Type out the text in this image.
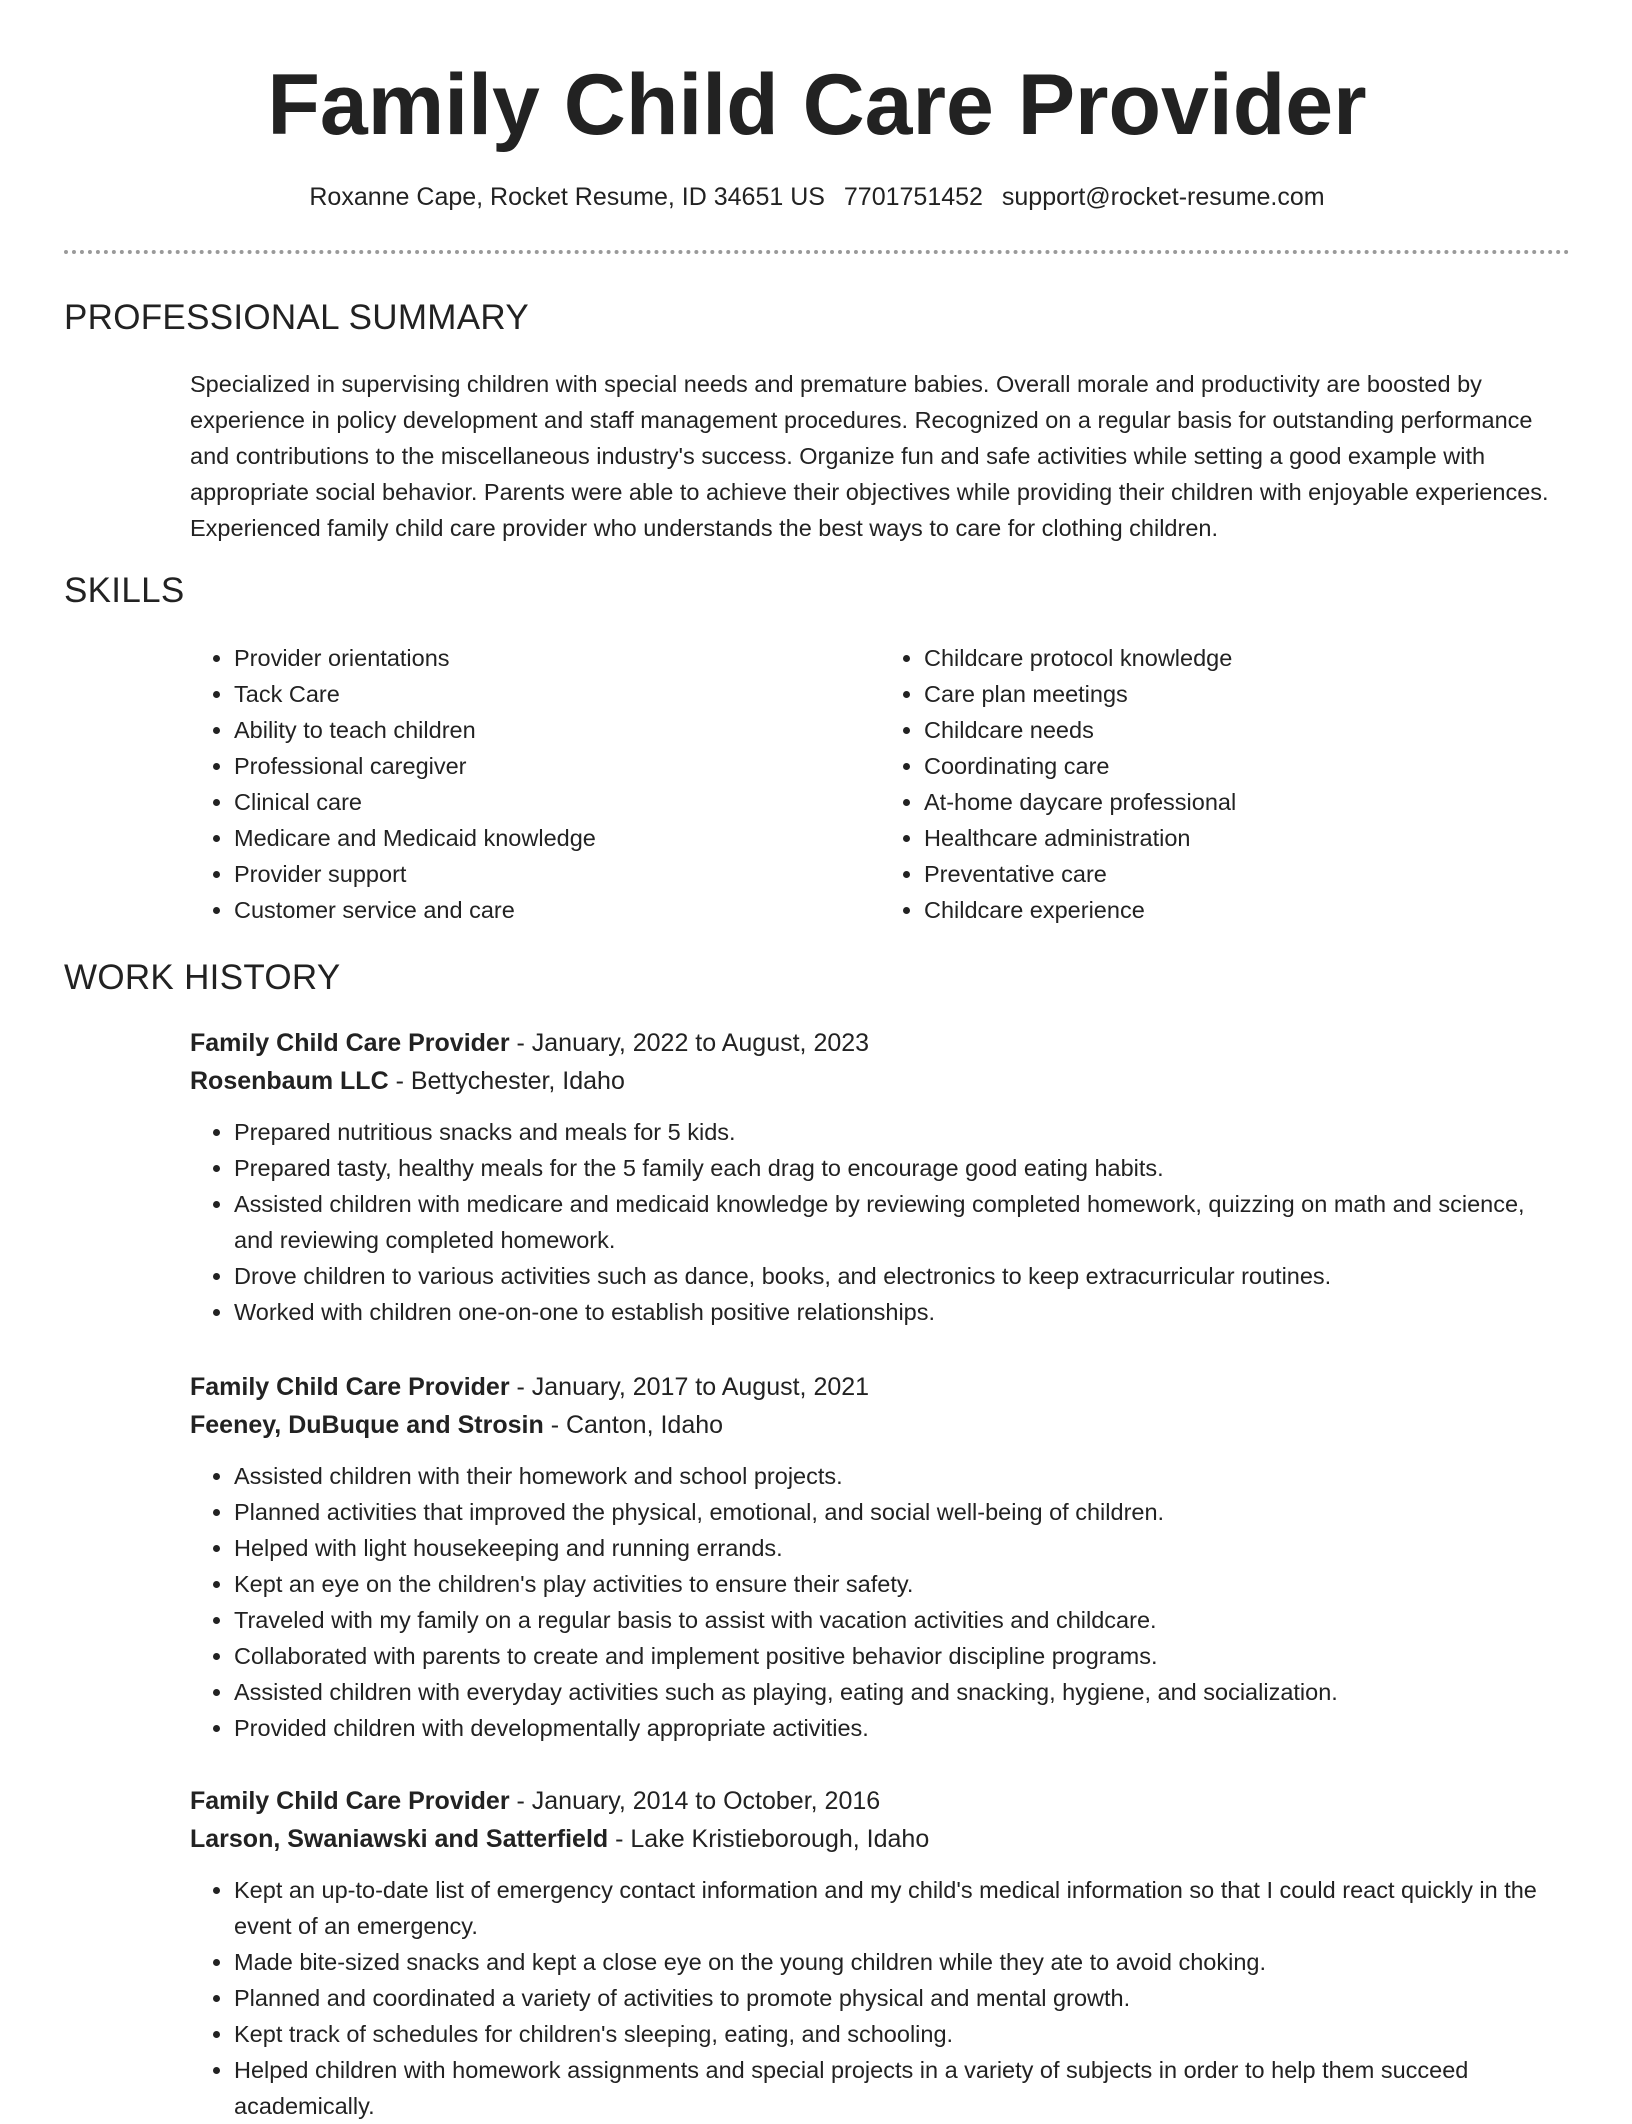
Family Child Care Provider
Roxanne Cape, Rocket Resume, ID 34651 US 7701751452 support@rocket-resume.com
PROFESSIONAL SUMMARY
Specialized in supervising children with special needs and premature babies. Overall morale and productivity are boosted by experience in policy development and staff management procedures. Recognized on a regular basis for outstanding performance and contributions to the miscellaneous industry's success. Organize fun and safe activities while setting a good example with appropriate social behavior. Parents were able to achieve their objectives while providing their children with enjoyable experiences. Experienced family child care provider who understands the best ways to care for clothing children.
SKILLS
• Provider orientations
• Tack Care
• Ability to teach children
• Professional caregiver
• Clinical care
• Medicare and Medicaid knowledge
• Provider support
• Customer service and care
• Childcare protocol knowledge
• Care plan meetings
• Childcare needs
• Coordinating care
• At-home daycare professional
• Healthcare administration
• Preventative care
• Childcare experience
WORK HISTORY
Family Child Care Provider - January, 2022 to August, 2023
Rosenbaum LLC - Bettychester, Idaho
• Prepared nutritious snacks and meals for 5 kids.
• Prepared tasty, healthy meals for the 5 family each drag to encourage good eating habits.
• Assisted children with medicare and medicaid knowledge by reviewing completed homework, quizzing on math and science, and reviewing completed homework.
• Drove children to various activities such as dance, books, and electronics to keep extracurricular routines.
• Worked with children one-on-one to establish positive relationships.
Family Child Care Provider - January, 2017 to August, 2021
Feeney, DuBuque and Strosin - Canton, Idaho
• Assisted children with their homework and school projects.
• Planned activities that improved the physical, emotional, and social well-being of children.
• Helped with light housekeeping and running errands.
• Kept an eye on the children's play activities to ensure their safety.
• Traveled with my family on a regular basis to assist with vacation activities and childcare.
• Collaborated with parents to create and implement positive behavior discipline programs.
• Assisted children with everyday activities such as playing, eating and snacking, hygiene, and socialization.
• Provided children with developmentally appropriate activities.
Family Child Care Provider - January, 2014 to October, 2016
Larson, Swaniawski and Satterfield - Lake Kristieborough, Idaho
• Kept an up-to-date list of emergency contact information and my child's medical information so that I could react quickly in the event of an emergency.
• Made bite-sized snacks and kept a close eye on the young children while they ate to avoid choking.
• Planned and coordinated a variety of activities to promote physical and mental growth.
• Kept track of schedules for children's sleeping, eating, and schooling.
• Helped children with homework assignments and special projects in a variety of subjects in order to help them succeed academically.
